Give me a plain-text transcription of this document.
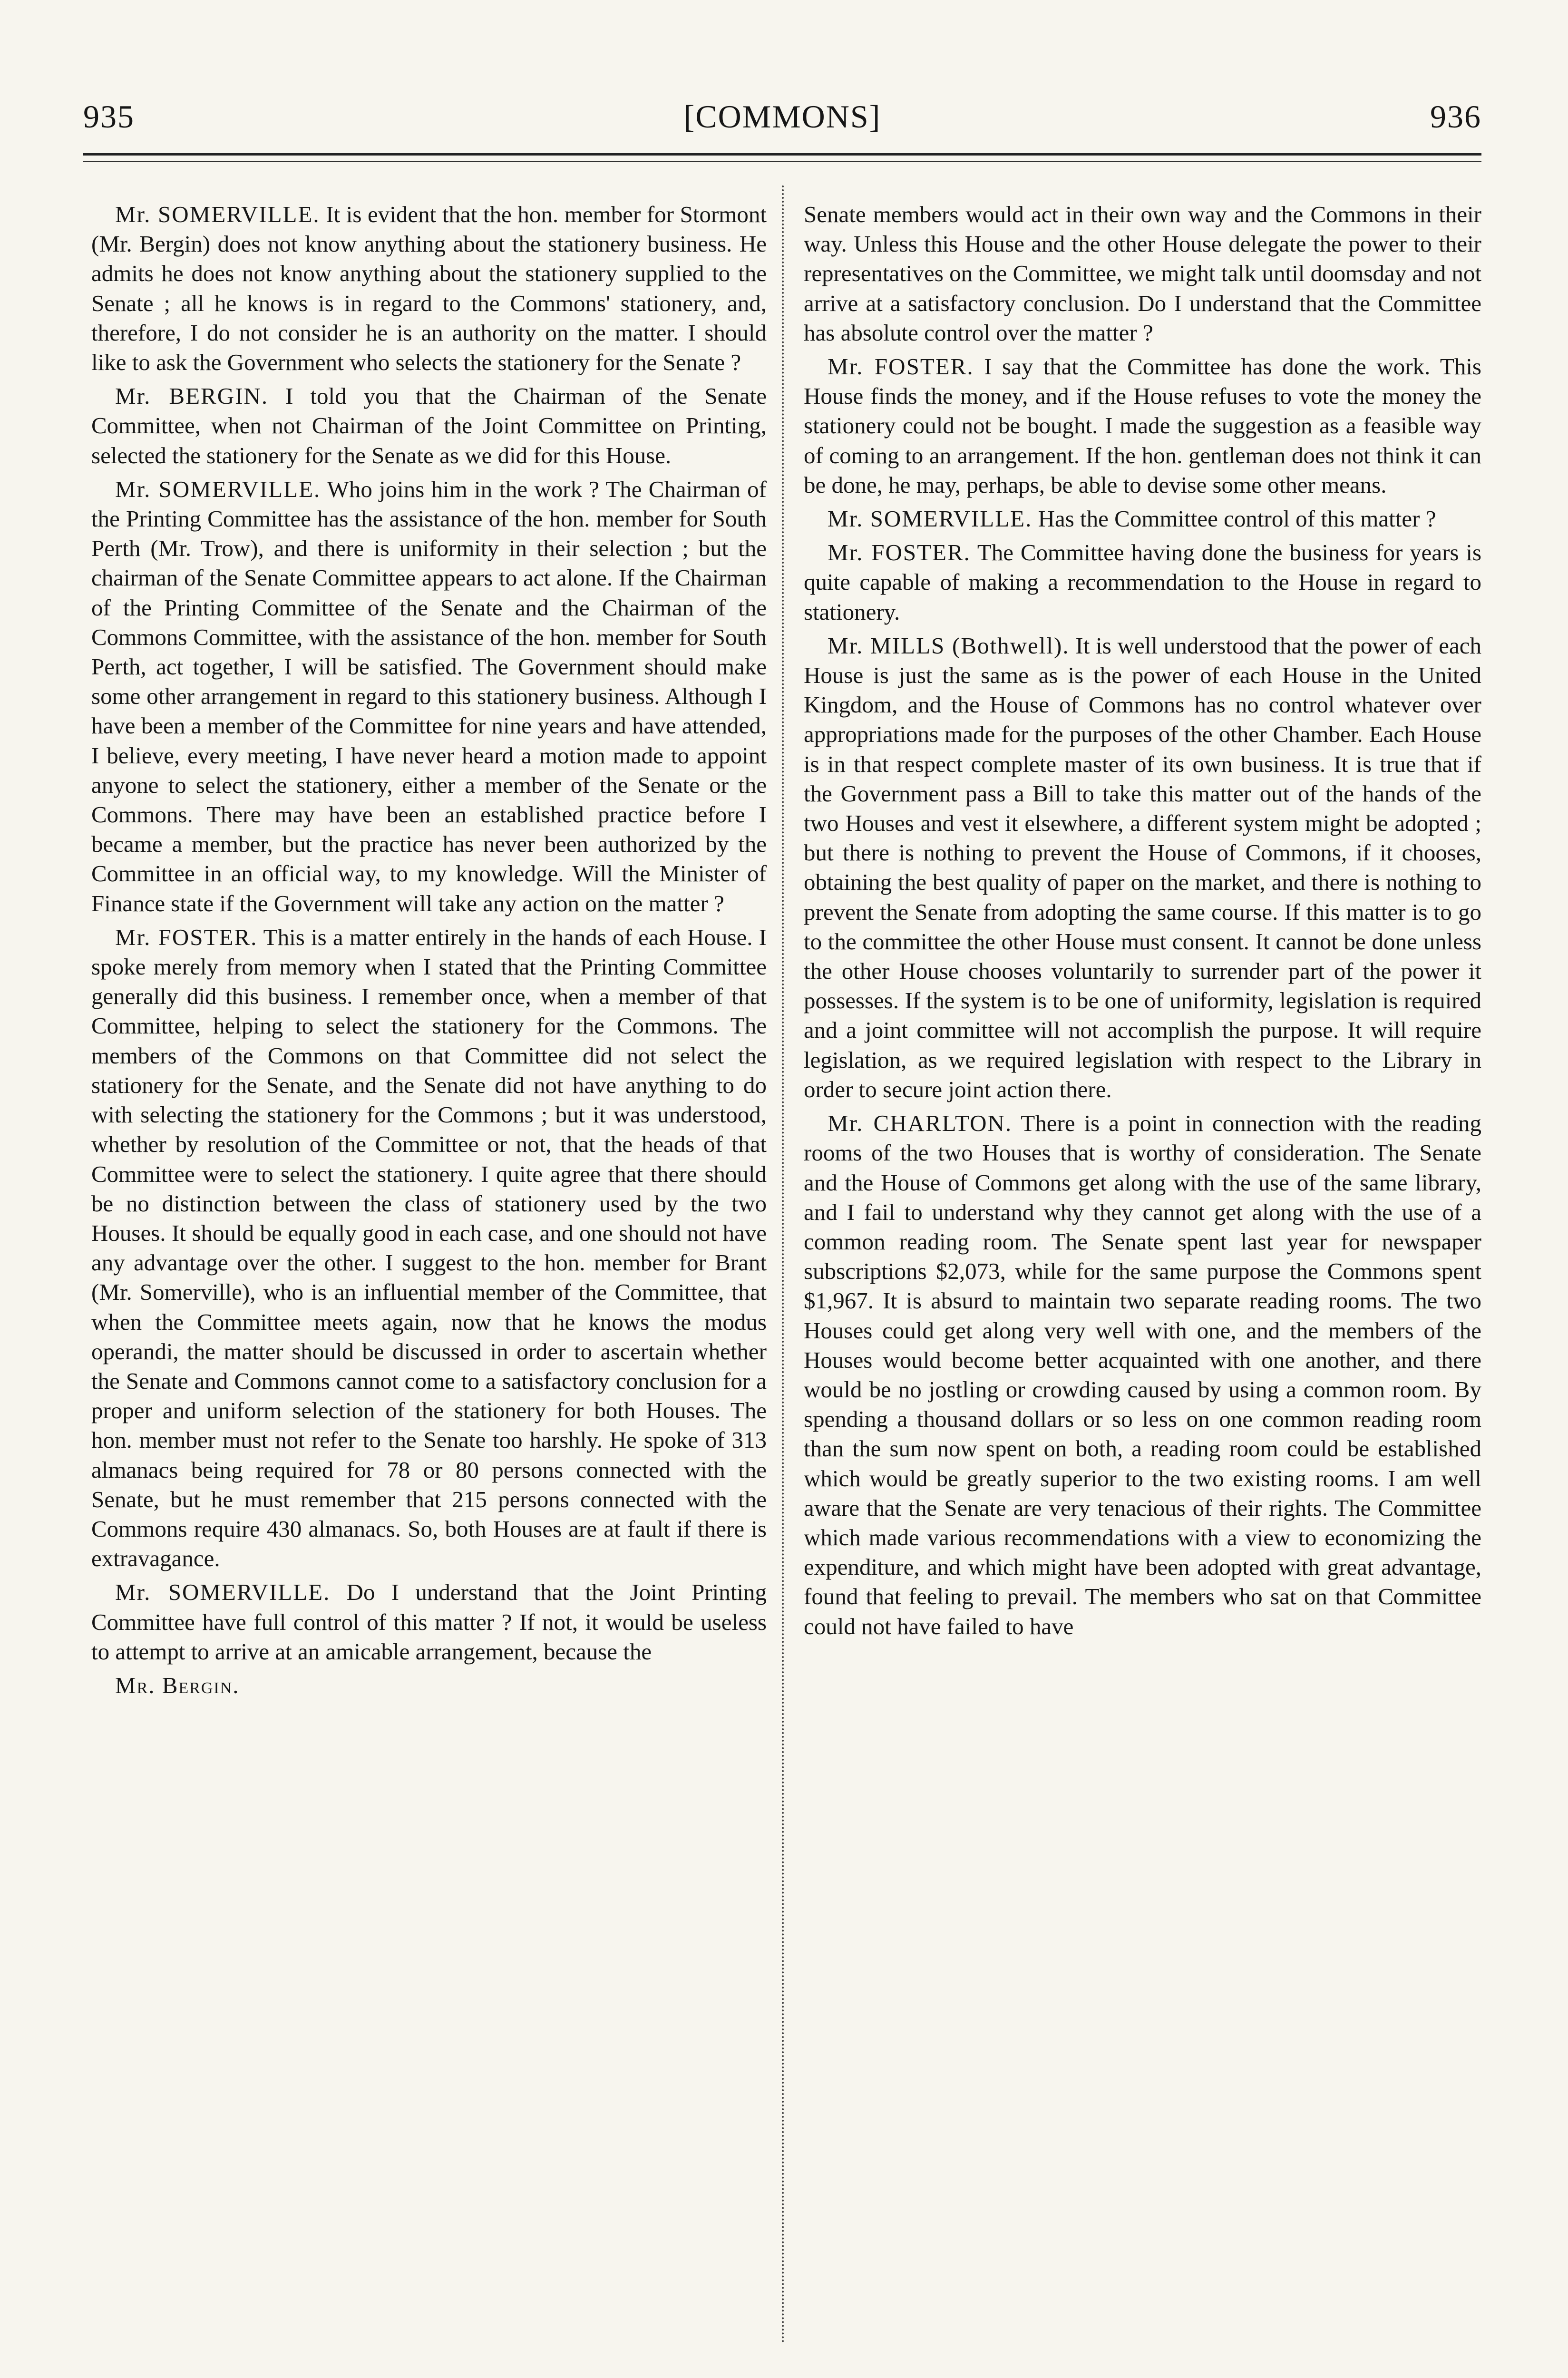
935	[COMMONS]	936

Mr. SOMERVILLE. It is evident that the hon. member for Stormont (Mr. Bergin) does not know anything about the stationery business. He admits he does not know anything about the stationery supplied to the Senate ; all he knows is in regard to the Commons' stationery, and, therefore, I do not consider he is an authority on the matter. I should like to ask the Government who selects the stationery for the Senate ?

Mr. BERGIN. I told you that the Chairman of the Senate Committee, when not Chairman of the Joint Committee on Printing, selected the stationery for the Senate as we did for this House.

Mr. SOMERVILLE. Who joins him in the work ? The Chairman of the Printing Committee has the assistance of the hon. member for South Perth (Mr. Trow), and there is uniformity in their selection ; but the chairman of the Senate Committee appears to act alone. If the Chairman of the Printing Committee of the Senate and the Chairman of the Commons Committee, with the assistance of the hon. member for South Perth, act together, I will be satisfied. The Government should make some other arrangement in regard to this stationery business. Although I have been a member of the Committee for nine years and have attended, I believe, every meeting, I have never heard a motion made to appoint anyone to select the stationery, either a member of the Senate or the Commons. There may have been an established practice before I became a member, but the practice has never been authorized by the Committee in an official way, to my knowledge. Will the Minister of Finance state if the Government will take any action on the matter ?

Mr. FOSTER. This is a matter entirely in the hands of each House. I spoke merely from memory when I stated that the Printing Committee generally did this business. I remember once, when a member of that Committee, helping to select the stationery for the Commons. The members of the Commons on that Committee did not select the stationery for the Senate, and the Senate did not have anything to do with selecting the stationery for the Commons ; but it was understood, whether by resolution of the Committee or not, that the heads of that Committee were to select the stationery. I quite agree that there should be no distinction between the class of stationery used by the two Houses. It should be equally good in each case, and one should not have any advantage over the other. I suggest to the hon. member for Brant (Mr. Somerville), who is an influential member of the Committee, that when the Committee meets again, now that he knows the modus operandi, the matter should be discussed in order to ascertain whether the Senate and Commons cannot come to a satisfactory conclusion for a proper and uniform selection of the stationery for both Houses. The hon. member must not refer to the Senate too harshly. He spoke of 313 almanacs being required for 78 or 80 persons connected with the Senate, but he must remember that 215 persons connected with the Commons require 430 almanacs. So, both Houses are at fault if there is extravagance.

Mr. SOMERVILLE. Do I understand that the Joint Printing Committee have full control of this matter ? If not, it would be useless to attempt to arrive at an amicable arrangement, because the

Mr. Bergin.

Senate members would act in their own way and the Commons in their way. Unless this House and the other House delegate the power to their representatives on the Committee, we might talk until doomsday and not arrive at a satisfactory conclusion. Do I understand that the Committee has absolute control over the matter ?

Mr. FOSTER. I say that the Committee has done the work. This House finds the money, and if the House refuses to vote the money the stationery could not be bought. I made the suggestion as a feasible way of coming to an arrangement. If the hon. gentleman does not think it can be done, he may, perhaps, be able to devise some other means.

Mr. SOMERVILLE. Has the Committee control of this matter ?

Mr. FOSTER. The Committee having done the business for years is quite capable of making a recommendation to the House in regard to stationery.

Mr. MILLS (Bothwell). It is well understood that the power of each House is just the same as is the power of each House in the United Kingdom, and the House of Commons has no control whatever over appropriations made for the purposes of the other Chamber. Each House is in that respect complete master of its own business. It is true that if the Government pass a Bill to take this matter out of the hands of the two Houses and vest it elsewhere, a different system might be adopted ; but there is nothing to prevent the House of Commons, if it chooses, obtaining the best quality of paper on the market, and there is nothing to prevent the Senate from adopting the same course. If this matter is to go to the committee the other House must consent. It cannot be done unless the other House chooses voluntarily to surrender part of the power it possesses. If the system is to be one of uniformity, legislation is required and a joint committee will not accomplish the purpose. It will require legislation, as we required legislation with respect to the Library in order to secure joint action there.

Mr. CHARLTON. There is a point in connection with the reading rooms of the two Houses that is worthy of consideration. The Senate and the House of Commons get along with the use of the same library, and I fail to understand why they cannot get along with the use of a common reading room. The Senate spent last year for newspaper subscriptions $2,073, while for the same purpose the Commons spent $1,967. It is absurd to maintain two separate reading rooms. The two Houses could get along very well with one, and the members of the Houses would become better acquainted with one another, and there would be no jostling or crowding caused by using a common room. By spending a thousand dollars or so less on one common reading room than the sum now spent on both, a reading room could be established which would be greatly superior to the two existing rooms. I am well aware that the Senate are very tenacious of their rights. The Committee which made various recommendations with a view to economizing the expenditure, and which might have been adopted with great advantage, found that feeling to prevail. The members who sat on that Committee could not have failed to have
